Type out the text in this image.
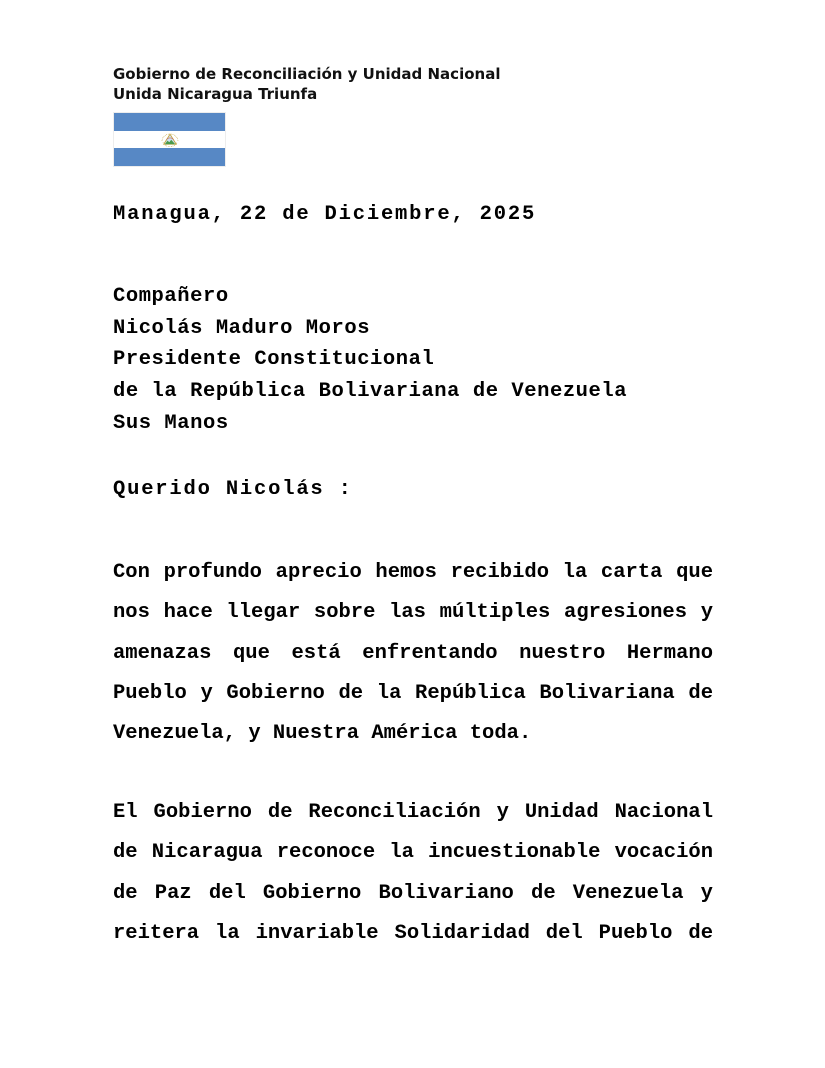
Gobierno de Reconciliación y Unidad Nacional
Unida Nicaragua Triunfa
Managua, 22 de Diciembre, 2025
Compañero
Nicolás Maduro Moros
Presidente Constitucional
de la República Bolivariana de Venezuela
Sus Manos
Querido Nicolás :
Con profundo aprecio hemos recibido la carta que
nos hace llegar sobre las múltiples agresiones y
amenazas que está enfrentando nuestro Hermano
Pueblo y Gobierno de la República Bolivariana de
Venezuela, y Nuestra América toda.
El Gobierno de Reconciliación y Unidad Nacional
de Nicaragua reconoce la incuestionable vocación
de Paz del Gobierno Bolivariano de Venezuela y
reitera la invariable Solidaridad del Pueblo de
